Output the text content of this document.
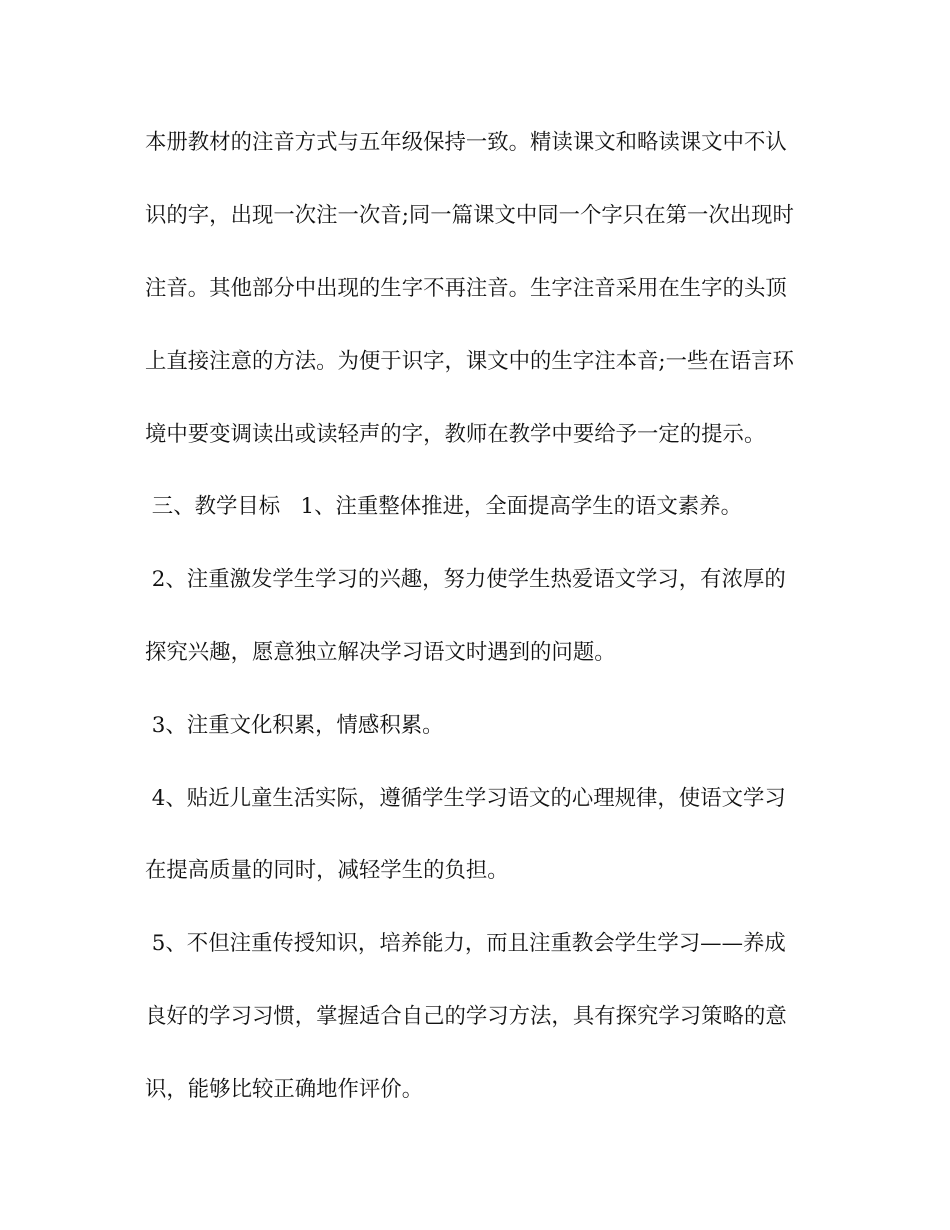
本册教材的注音方式与五年级保持一致。精读课文和略读课文中不认
识的字，出现一次注一次音;同一篇课文中同一个字只在第一次出现时
注音。其他部分中出现的生字不再注音。生字注音采用在生字的头顶
上直接注意的方法。为便于识字，课文中的生字注本音;一些在语言环
境中要变调读出或读轻声的字，教师在教学中要给予一定的提示。
三、教学目标   1、注重整体推进，全面提高学生的语文素养。
2、注重激发学生学习的兴趣，努力使学生热爱语文学习，有浓厚的
探究兴趣，愿意独立解决学习语文时遇到的问题。
3、注重文化积累，情感积累。
4、贴近儿童生活实际，遵循学生学习语文的心理规律，使语文学习
在提高质量的同时，减轻学生的负担。
5、不但注重传授知识，培养能力，而且注重教会学生学习——养成
良好的学习习惯，掌握适合自己的学习方法，具有探究学习策略的意
识，能够比较正确地作评价。
